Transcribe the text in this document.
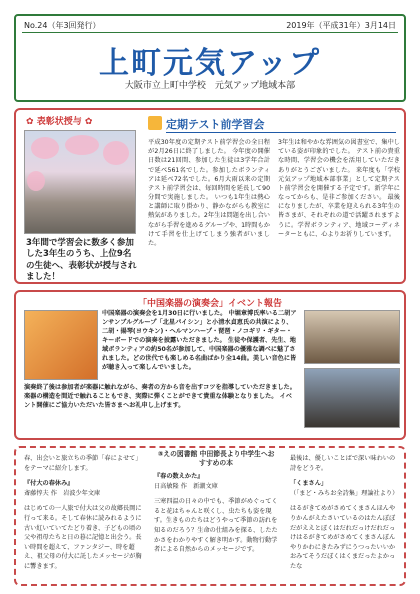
No.24（年3回発行）	2019年（平成31年）3月14日
上町元気アップ
大阪市立上町中学校　元気アップ地域本部
✿ 表彰状授与 ✿
3年間で学習会に数多く参加した3年生のうち、上位9名の生徒へ、表彰状が授与されました！
定期テスト前学習会
平成30年度の定期テスト前学習会の全日程が2月26日に終了しました。 今年度の開催日数は21回間、参加した生徒は3学年合計で延べ561名でした。参加したボランティアは延べ72名でした。6月大雨以来の定期テスト前学習会は、毎回時間を延長して90分間で実施しました。 いつも1年生は熱心と講師に取り掛かり、静かながらも教室に熱気がありました。2年生は問題を出し合いながら手習を進めるグループや、1時間もかけて手習を仕上げてしまう強者がいました。
3年生は和やかな雰囲気の図書室で、集中している姿が印象的でした。 テスト前の貴重な時間、学習会の機会を活用していただきありがとうございました。 来年度も「学校元気アップ地域本部事業」として定期テスト前学習会を開催する予定です。新学年になってからも、是非ご参加ください。 最後になりましたが、卒業を迎えられる3年生の皆さまが、それぞれの道で活躍されますように。学習ボランティア、地域コーディネーターともに、心よりお祈りしています。
「中国楽器の演奏会」イベント報告
中国楽器の演奏会を1月30日に行いました。 中堀章博氏率いる二胡アンサンブルグループ「北星パイシン」と小清水貞恵氏の共演により、二胡・揚琴(ヨウキン)・ヘルマンハープ・琵琶・ノコギリ・ギター・キーボードでの演奏を披露いただきました。 生徒や保護者、先生、地域ボランティアの約50名が参加して、中国楽器の優雅な調べに魅了されました。どの世代でも楽しめる名曲ばかり全14曲。美しい音色に皆が聴き入って楽しんでいました。
演奏終了後は参加者が楽器に触れながら、奏者の方から音を出すコツを指導していただきました。楽器の構造を間近で触れることもでき、実際に弾くことができて貴重な体験となりました。 イベント開催にご協力いただいた皆さまへお礼申し上げます。
春、出会いと旅立ちの季節「春によせて」をテーマに紹介します。
『付大の春休み』
斎藤惇夫 作　岩波少年文庫
はじめての一人旅で付大は父の故郷長岡に行って来る。そして春休に読みれるように古い紅いていてたどり着き、子どもの頃の父や祖母たちと日の暮に記憶と出会う。長い時間を超えて、ファンタジー、時を超え、祖父母の付大に託したメッセージが胸に響きます。
⑤えの図書館 中田節長より中学生へおすすめの本
『春の数えかた』
日高敏隆 作　新潮文庫
三寒四温の日々の中でも、季節がめぐってくると花はちゃんと咲くし、虫たちも姿を現す。生きものたちはどうやって季節の訪れを知るのだろう？生命の仕組みを探る、したたかさをわかりやすく解き明かす。動物行動学者による自然からのメッセージです。
最後は、優しいことばで深い味わいの詩をどうぞ。
「くまさん」
（「まど・みちお全詩集」理論社より）
はるがきてめがさめてくまさんほんやりかんがえたさいているのはたんぽぽだがええとぼくはだれだっけだれだっけはるがきてめがさめてくまさんぼんやりかわにきたみずにうつったいいかおみてそうだぼくはくまだったよかったな
